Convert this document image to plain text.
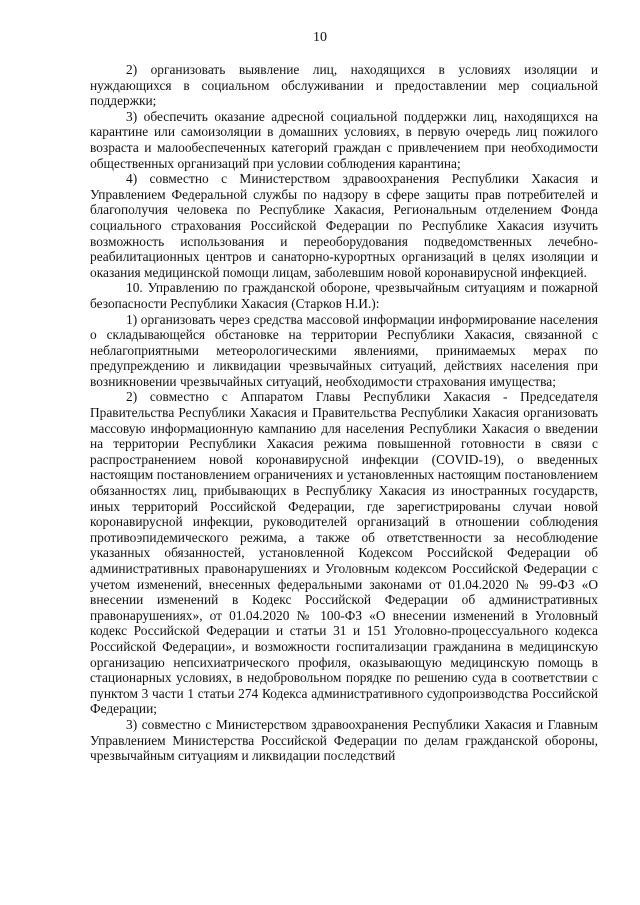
10

2) организовать выявление лиц, находящихся в условиях изоляции и нуждающихся в социальном обслуживании и предоставлении мер социальной поддержки;

3) обеспечить оказание адресной социальной поддержки лиц, находящихся на карантине или самоизоляции в домашних условиях, в первую очередь лиц пожилого возраста и малообеспеченных категорий граждан с привлечением при необходимости общественных организаций при условии соблюдения карантина;

4) совместно с Министерством здравоохранения Республики Хакасия и Управлением Федеральной службы по надзору в сфере защиты прав потребителей и благополучия человека по Республике Хакасия, Региональным отделением Фонда социального страхования Российской Федерации по Республике Хакасия изучить возможность использования и переоборудования подведомственных лечебно-реабилитационных центров и санаторно-курортных организаций в целях изоляции и оказания медицинской помощи лицам, заболевшим новой коронавирусной инфекцией.

10. Управлению по гражданской обороне, чрезвычайным ситуациям и пожарной безопасности Республики Хакасия (Старков Н.И.):

1) организовать через средства массовой информации информирование населения о складывающейся обстановке на территории Республики Хакасия, связанной с неблагоприятными метеорологическими явлениями, принимаемых мерах по предупреждению и ликвидации чрезвычайных ситуаций, действиях населения при возникновении чрезвычайных ситуаций, необходимости страхования имущества;

2) совместно с Аппаратом Главы Республики Хакасия - Председателя Правительства Республики Хакасия и Правительства Республики Хакасия организовать массовую информационную кампанию для населения Республики Хакасия о введении на территории Республики Хакасия режима повышенной готовности в связи с распространением новой коронавирусной инфекции (COVID-19), о введенных настоящим постановлением ограничениях и установленных настоящим постановлением обязанностях лиц, прибывающих в Республику Хакасия из иностранных государств, иных территорий Российской Федерации, где зарегистрированы случаи новой коронавирусной инфекции, руководителей организаций в отношении соблюдения противоэпидемического режима, а также об ответственности за несоблюдение указанных обязанностей, установленной Кодексом Российской Федерации об административных правонарушениях и Уголовным кодексом Российской Федерации с учетом изменений, внесенных федеральными законами от 01.04.2020 № 99-ФЗ «О внесении изменений в Кодекс Российской Федерации об административных правонарушениях», от 01.04.2020 № 100-ФЗ «О внесении изменений в Уголовный кодекс Российской Федерации и статьи 31 и 151 Уголовно-процессуального кодекса Российской Федерации», и возможности госпитализации гражданина в медицинскую организацию непсихиатрического профиля, оказывающую медицинскую помощь в стационарных условиях, в недобровольном порядке по решению суда в соответствии с пунктом 3 части 1 статьи 274 Кодекса административного судопроизводства Российской Федерации;

3) совместно с Министерством здравоохранения Республики Хакасия и Главным Управлением Министерства Российской Федерации по делам гражданской обороны, чрезвычайным ситуациям и ликвидации последствий
